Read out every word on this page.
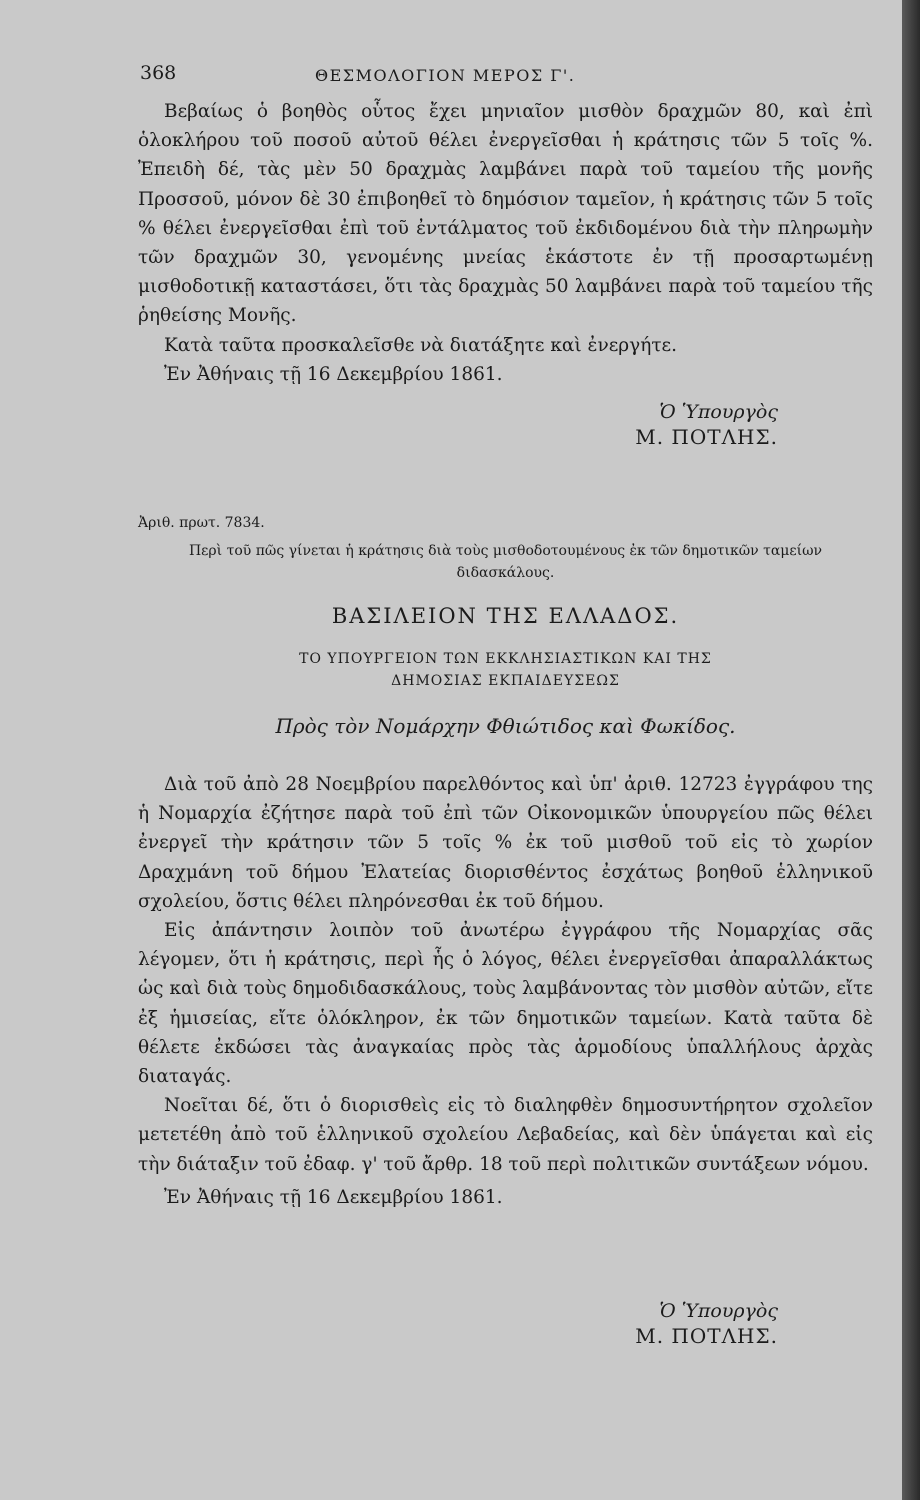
368	ΘΕΣΜΟΛΟΓΙΟΝ ΜΕΡΟΣ Γ'.

Βεβαίως ὁ βοηθὸς οὗτος ἔχει μηνιαῖον μισθὸν δραχμῶν 80, καὶ ἐπὶ ὁλοκλήρου τοῦ ποσοῦ αὐτοῦ θέλει ἐνεργεῖσθαι ἡ κράτησις τῶν 5 τοῖς %. Ἐπειδὴ δέ, τὰς μὲν 50 δραχμὰς λαμβάνει παρὰ τοῦ ταμείου τῆς μονῆς Προσσοῦ, μόνον δὲ 30 ἐπιβοηθεῖ τὸ δημόσιον ταμεῖον, ἡ κράτησις τῶν 5 τοῖς % θέλει ἐνεργεῖσθαι ἐπὶ τοῦ ἐντάλματος τοῦ ἐκδιδομένου διὰ τὴν πληρωμὴν τῶν δραχμῶν 30, γενομένης μνείας ἑκάστοτε ἐν τῇ προσαρτωμένῃ μισθοδοτικῇ καταστάσει, ὅτι τὰς δραχμὰς 50 λαμβάνει παρὰ τοῦ ταμείου τῆς ῥηθείσης Μονῆς.

Κατὰ ταῦτα προσκαλεῖσθε νὰ διατάξητε καὶ ἐνεργήτε.

Ἐν Ἀθήναις τῇ 16 Δεκεμβρίου 1861.

Ὁ Ὑπουργὸς
Μ. ΠΟΤΛΗΣ.
Ἀριθ. πρωτ. 7834.
Περὶ τοῦ πῶς γίνεται ἡ κράτησις διὰ τοὺς μισθοδοτουμένους ἐκ τῶν δημοτικῶν ταμείων διδασκάλους.
ΒΑΣΙΛΕΙΟΝ ΤΗΣ ΕΛΛΑΔΟΣ.
ΤΟ ΥΠΟΥΡΓΕΙΟΝ ΤΩΝ ΕΚΚΛΗΣΙΑΣΤΙΚΩΝ ΚΑΙ ΤΗΣ
ΔΗΜΟΣΙΑΣ ΕΚΠΑΙΔΕΥΣΕΩΣ
Πρὸς τὸν Νομάρχην Φθιώτιδος καὶ Φωκίδος.

Διὰ τοῦ ἀπὸ 28 Νοεμβρίου παρελθόντος καὶ ὑπ' ἀριθ. 12723 ἐγγράφου της ἡ Νομαρχία ἐζήτησε παρὰ τοῦ ἐπὶ τῶν Οἰκονομικῶν ὑπουργείου πῶς θέλει ἐνεργεῖ τὴν κράτησιν τῶν 5 τοῖς % ἐκ τοῦ μισθοῦ τοῦ εἰς τὸ χωρίον Δραχμάνη τοῦ δήμου Ἐλατείας διορισθέντος ἐσχάτως βοηθοῦ ἑλληνικοῦ σχολείου, ὅστις θέλει πληρόνεσθαι ἐκ τοῦ δήμου.

Εἰς ἀπάντησιν λοιπὸν τοῦ ἀνωτέρω ἐγγράφου τῆς Νομαρχίας σᾶς λέγομεν, ὅτι ἡ κράτησις, περὶ ἧς ὁ λόγος, θέλει ἐνεργεῖσθαι ἀπαραλλάκτως ὡς καὶ διὰ τοὺς δημοδιδασκάλους, τοὺς λαμβάνοντας τὸν μισθὸν αὐτῶν, εἴτε ἐξ ἡμισείας, εἴτε ὁλόκληρον, ἐκ τῶν δημοτικῶν ταμείων. Κατὰ ταῦτα δὲ θέλετε ἐκδώσει τὰς ἀναγκαίας πρὸς τὰς ἁρμοδίους ὑπαλλήλους ἀρχὰς διαταγάς.

Νοεῖται δέ, ὅτι ὁ διορισθεὶς εἰς τὸ διαληφθὲν δημοσυντήρητον σχολεῖον μετετέθη ἀπὸ τοῦ ἑλληνικοῦ σχολείου Λεβαδείας, καὶ δὲν ὑπάγεται καὶ εἰς τὴν διάταξιν τοῦ ἐδαφ. γ' τοῦ ἄρθρ. 18 τοῦ περὶ πολιτικῶν συντάξεων νόμου.

Ἐν Ἀθήναις τῇ 16 Δεκεμβρίου 1861.

Ὁ Ὑπουργὸς
Μ. ΠΟΤΛΗΣ.
